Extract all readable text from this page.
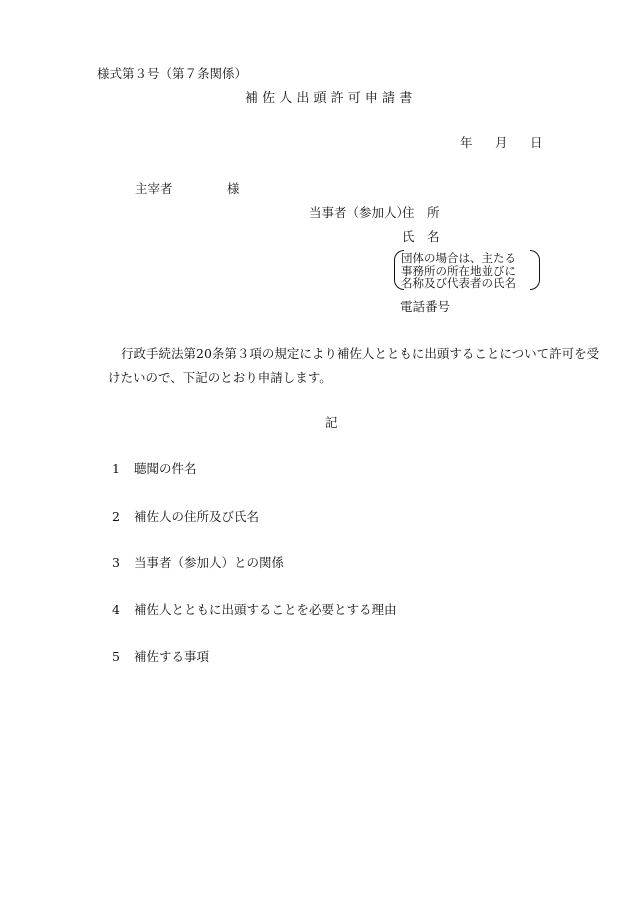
様式第３号（第７条関係）
補 佐 人 出 頭 許 可 申 請 書
年 月 日
主宰者	様
当事者（参加人）
住　所
氏　名
団体の場合は、主たる
事務所の所在地並びに
名称及び代表者の氏名
電話番号
行政手続法第20条第３項の規定により補佐人とともに出頭することについて許可を受
けたいので、下記のとおり申請します。
記
1 聴聞の件名
2 補佐人の住所及び氏名
3 当事者（参加人）との関係
4 補佐人とともに出頭することを必要とする理由
5 補佐する事項
